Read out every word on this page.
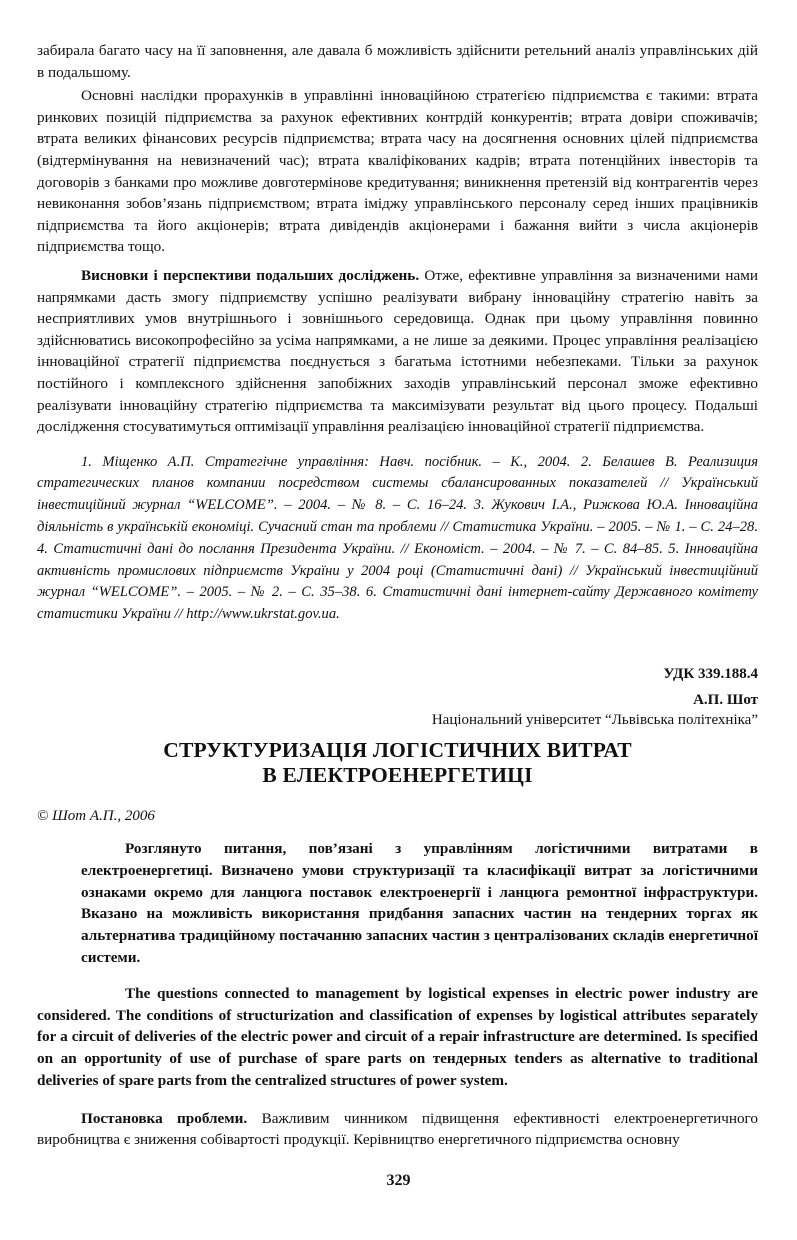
забирала багато часу на її заповнення, але давала б можливість здійснити ретельний аналіз управлінських дій в подальшому.

Основні наслідки прорахунків в управлінні інноваційною стратегією підприємства є такими: втрата ринкових позицій підприємства за рахунок ефективних контрдій конкурентів; втрата довіри споживачів; втрата великих фінансових ресурсів підприємства; втрата часу на досягнення основних цілей підприємства (відтермінування на невизначений час); втрата кваліфікованих кадрів; втрата потенційних інвесторів та договорів з банками про можливе довготермінове кредитування; виникнення претензій від контрагентів через невиконання зобов’язань підприємством; втрата іміджу управлінського персоналу серед інших працівників підприємства та його акціонерів; втрата дивідендів акціонерами і бажання вийти з числа акціонерів підприємства тощо.

Висновки і перспективи подальших досліджень. Отже, ефективне управління за визначеними нами напрямками дасть змогу підприємству успішно реалізувати вибрану інноваційну стратегію навіть за несприятливих умов внутрішнього і зовнішнього середовища. Однак при цьому управління повинно здійснюватись високопрофесійно за усіма напрямками, а не лише за деякими. Процес управління реалізацією інноваційної стратегії підприємства поєднується з багатьма істотними небезпеками. Тільки за рахунок постійного і комплексного здійснення запобіжних заходів управлінський персонал зможе ефективно реалізувати інноваційну стратегію підприємства та максимізувати результат від цього процесу. Подальші дослідження стосуватимуться оптимізації управління реалізацією інноваційної стратегії підприємства.

1. Міщенко А.П. Стратегічне управління: Навч. посібник. – К., 2004. 2. Белашев В. Реализиция стратегических планов компании посредством системы сбалансированных показателей // Український інвестиційний журнал “WELCOME”. – 2004. – № 8. – С. 16–24. 3. Жукович І.А., Рижкова Ю.А. Інноваційна діяльність в українській економіці. Сучасний стан та проблеми // Статистика України. – 2005. – № 1. – С. 24–28. 4. Статистичні дані до послання Президента України. // Економіст. – 2004. – № 7. – С. 84–85. 5. Інноваційна активність промислових підприємств України у 2004 році (Статистичні дані) // Український інвестиційний журнал “WELCOME”. – 2005. – № 2. – С. 35–38. 6. Статистичні дані інтернет-сайту Державного комітету статистики України // http://www.ukrstat.gov.ua.

УДК 339.188.4

А.П. Шот

Національний університет “Львівська політехніка”

СТРУКТУРИЗАЦІЯ ЛОГІСТИЧНИХ ВИТРАТ
В ЕЛЕКТРОЕНЕРГЕТИЦІ

© Шот А.П., 2006

Розглянуто питання, пов’язані з управлінням логістичними витратами в електроенергетиці. Визначено умови структуризації та класифікації витрат за логістичними ознаками окремо для ланцюга поставок електроенергії і ланцюга ремонтної інфраструктури. Вказано на можливість використання придбання запасних частин на тендерних торгах як альтернатива традиційному постачанню запасних частин з централізованих складів енергетичної системи.

The questions connected to management by logistical expenses in electric power industry are considered. The conditions of structurization and classification of expenses by logistical attributes separately for a circuit of deliveries of the electric power and circuit of a repair infrastructure are determined. Is specified on an opportunity of use of purchase of spare parts on тендерных tenders as alternative to traditional deliveries of spare parts from the centralized structures of power system.

Постановка проблеми. Важливим чинником підвищення ефективності електроенергетичного виробництва є зниження собівартості продукції. Керівництво енергетичного підприємства основну

329
